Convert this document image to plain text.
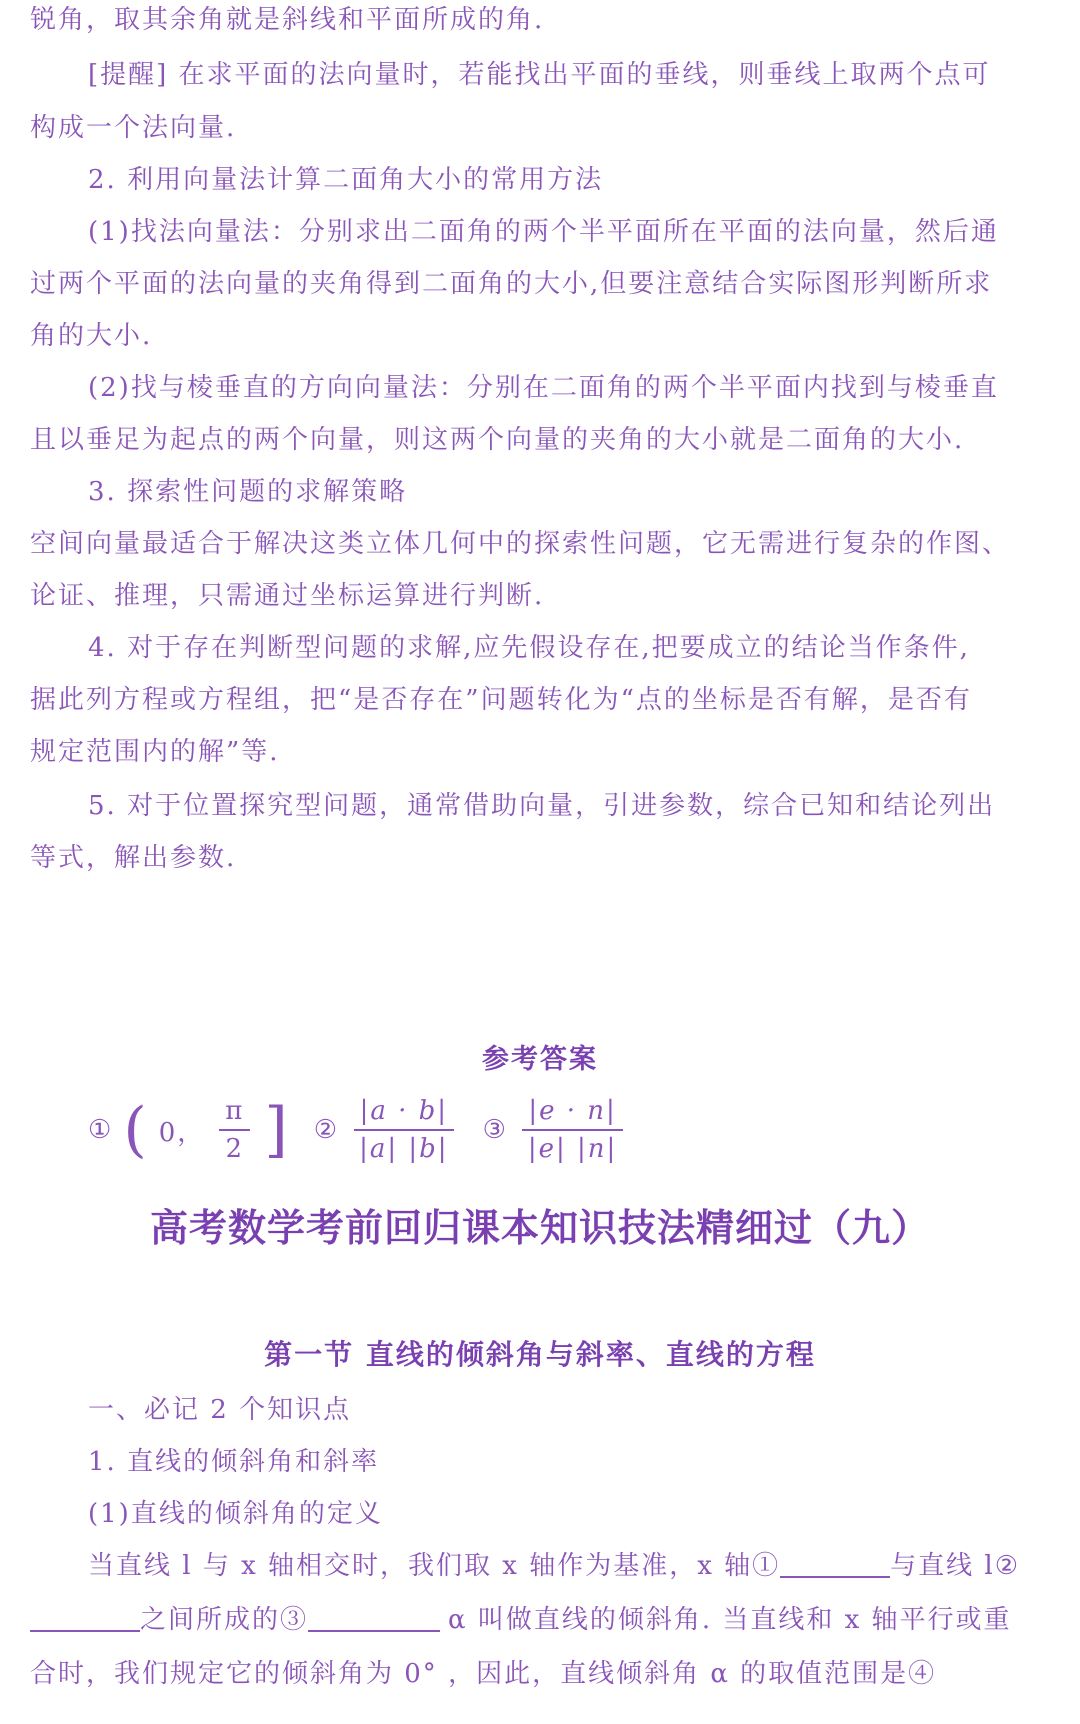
锐角，取其余角就是斜线和平面所成的角.
[提醒] 在求平面的法向量时，若能找出平面的垂线，则垂线上取两个点可
构成一个法向量.
2. 利用向量法计算二面角大小的常用方法
(1)找法向量法：分别求出二面角的两个半平面所在平面的法向量，然后通
过两个平面的法向量的夹角得到二面角的大小,但要注意结合实际图形判断所求
角的大小.
(2)找与棱垂直的方向向量法：分别在二面角的两个半平面内找到与棱垂直
且以垂足为起点的两个向量，则这两个向量的夹角的大小就是二面角的大小.
3. 探索性问题的求解策略
空间向量最适合于解决这类立体几何中的探索性问题，它无需进行复杂的作图、
论证、推理，只需通过坐标运算进行判断.
4. 对于存在判断型问题的求解,应先假设存在,把要成立的结论当作条件,
据此列方程或方程组，把“是否存在”问题转化为“点的坐标是否有解，是否有
规定范围内的解”等.
5. 对于位置探究型问题，通常借助向量，引进参数，综合已知和结论列出
等式，解出参数.
参考答案
① ( 0， $\frac{\pi}{2}$ ] ② $\frac{|a \cdot b|}{|a| |b|}$ ③ $\frac{|e \cdot n|}{|e| |n|}$
高考数学考前回归课本知识技法精细过（九）
第一节 直线的倾斜角与斜率、直线的方程
一、必记 2 个知识点
1. 直线的倾斜角和斜率
(1)直线的倾斜角的定义
当直线 l 与 x 轴相交时，我们取 x 轴作为基准，x 轴①	与直线 l②
之间所成的③	α 叫做直线的倾斜角. 当直线和 x 轴平行或重
合时，我们规定它的倾斜角为 0° ，因此，直线倾斜角 α 的取值范围是④
